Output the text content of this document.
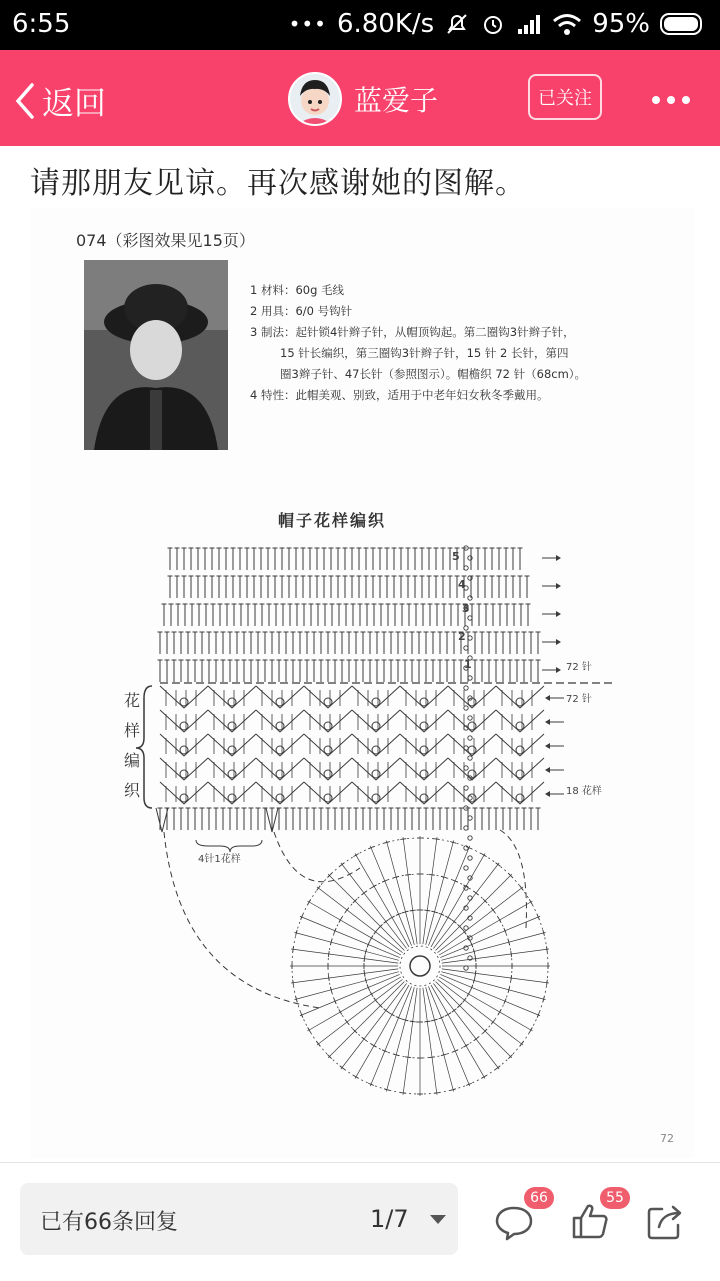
6:55	••• 6.80K/s	95%
返回	蓝爱子	已关注
请那朋友见谅。再次感谢她的图解。
074（彩图效果见15页）
1 材料：60g 毛线
2 用具：6/0 号钩针
3 制法：起针锁4针辫子针，从帽顶钩起。第二圈钩3针辫子针，
15 针长编织，第三圈钩3针辫子针，15 针 2 长针，第四
圈3辫子针、47长针（参照图示）。帽檐织 72 针（68cm）。
4 特性：此帽美观、别致，适用于中老年妇女秋冬季戴用。
帽子花样编织
花样编织
72 针
72 针
18 花样
4针1花样
5
4
3
2
1
72
已有66条回复	1/7
66	55
